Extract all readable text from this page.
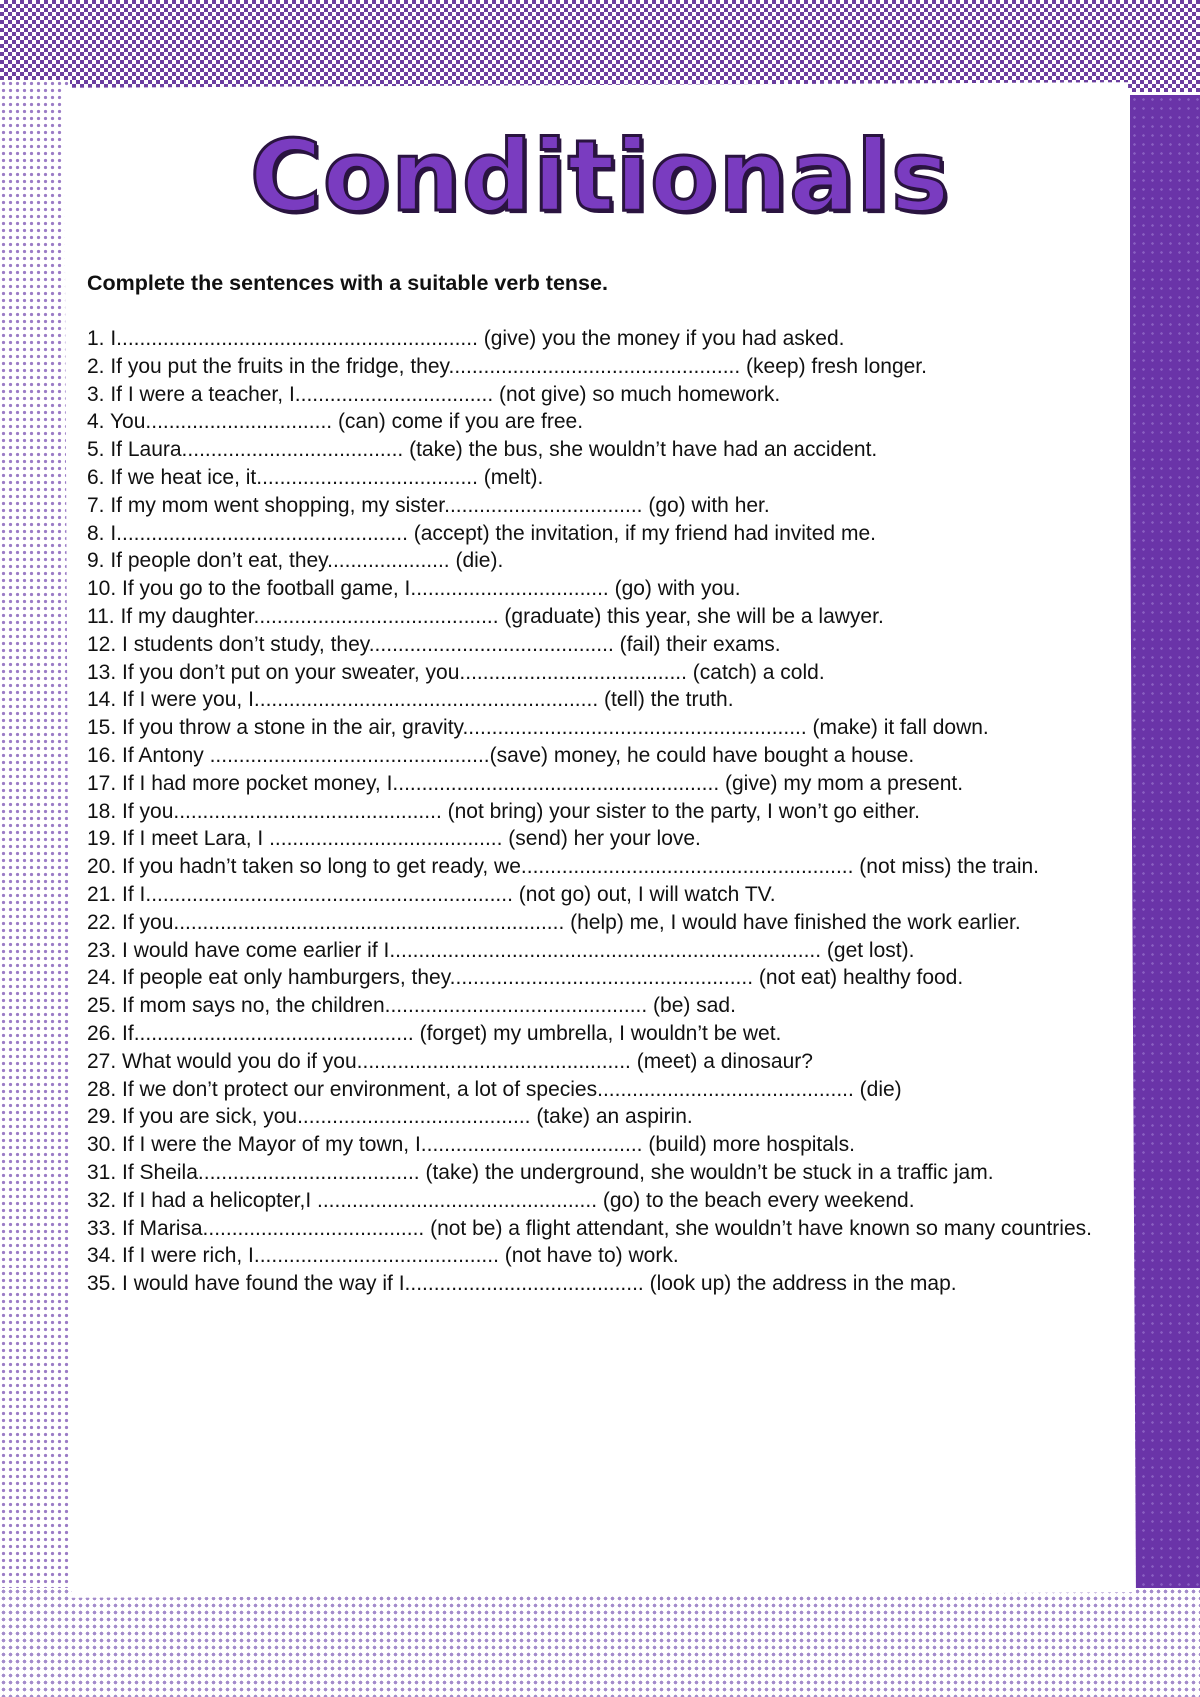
Conditionals

Complete the sentences with a suitable verb tense.

1. I.............................................................. (give) you the money if you had asked.
2. If you put the fruits in the fridge, they.................................................. (keep) fresh longer.
3. If I were a teacher, I.................................. (not give) so much homework.
4. You................................ (can) come if you are free.
5. If Laura...................................... (take) the bus, she wouldn’t have had an accident.
6. If we heat ice, it...................................... (melt).
7. If my mom went shopping, my sister.................................. (go) with her.
8. I.................................................. (accept) the invitation, if my friend had invited me.
9. If people don’t eat, they..................... (die).
10. If you go to the football game, I.................................. (go) with you.
11. If my daughter.......................................... (graduate) this year, she will be a lawyer.
12. I students don’t study, they.......................................... (fail) their exams.
13. If you don’t put on your sweater, you....................................... (catch) a cold.
14. If I were you, I........................................................... (tell) the truth.
15. If you throw a stone in the air, gravity........................................................... (make) it fall down.
16. If Antony ................................................(save) money, he could have bought a house.
17. If I had more pocket money, I........................................................ (give) my mom a present.
18. If you.............................................. (not bring) your sister to the party, I won’t go either.
19. If I meet Lara, I ........................................ (send) her your love.
20. If you hadn’t taken so long to get ready, we......................................................... (not miss) the train.
21. If I............................................................... (not go) out, I will watch TV.
22. If you................................................................... (help) me, I would have finished the work earlier.
23. I would have come earlier if I.......................................................................... (get lost).
24. If people eat only hamburgers, they.................................................... (not eat) healthy food.
25. If mom says no, the children............................................. (be) sad.
26. If................................................ (forget) my umbrella, I wouldn’t be wet.
27. What would you do if you............................................... (meet) a dinosaur?
28. If we don’t protect our environment, a lot of species............................................ (die)
29. If you are sick, you........................................ (take) an aspirin.
30. If I were the Mayor of my town, I...................................... (build) more hospitals.
31. If Sheila...................................... (take) the underground, she wouldn’t be stuck in a traffic jam.
32. If I had a helicopter,I ................................................ (go) to the beach every weekend.
33. If Marisa...................................... (not be) a flight attendant, she wouldn’t have known so many countries.
34. If I were rich, I.......................................... (not have to) work.
35. I would have found the way if I......................................... (look up) the address in the map.
